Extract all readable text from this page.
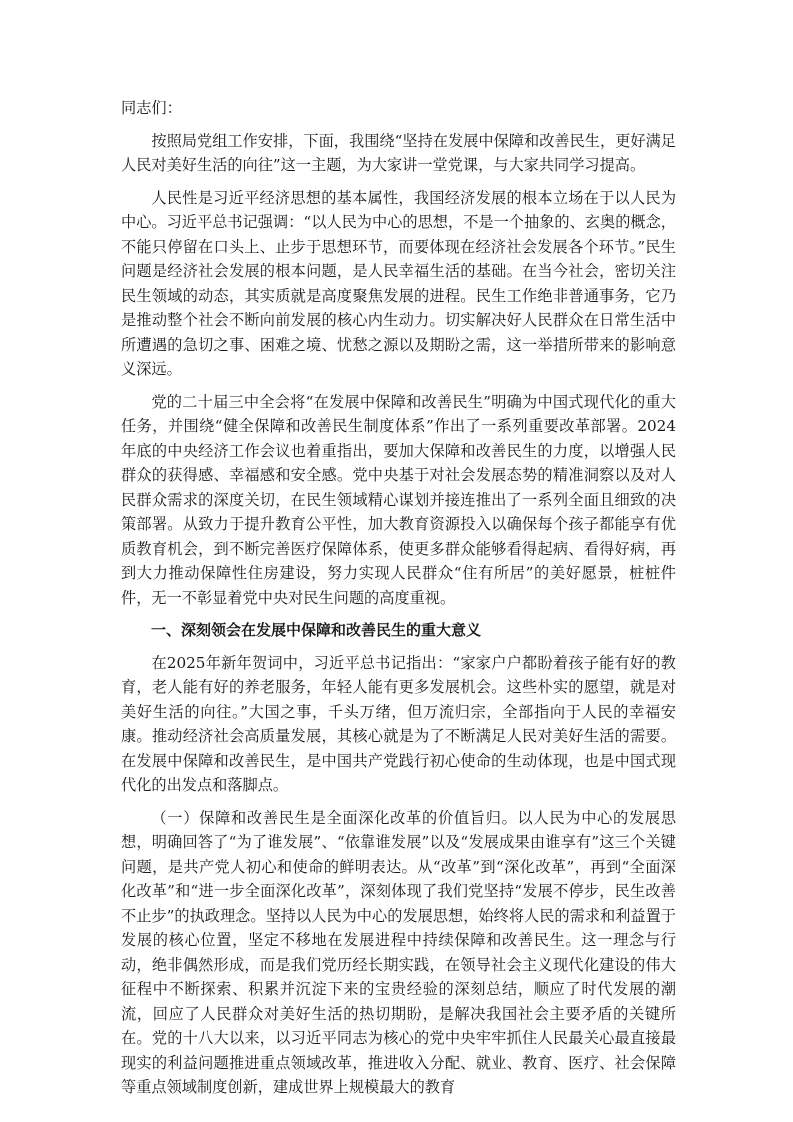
同志们：

按照局党组工作安排，下面，我围绕“坚持在发展中保障和改善民生，更好满足人民对美好生活的向往”这一主题，为大家讲一堂党课，与大家共同学习提高。

人民性是习近平经济思想的基本属性，我国经济发展的根本立场在于以人民为中心。习近平总书记强调：“以人民为中心的思想，不是一个抽象的、玄奥的概念，不能只停留在口头上、止步于思想环节，而要体现在经济社会发展各个环节。”民生问题是经济社会发展的根本问题，是人民幸福生活的基础。在当今社会，密切关注民生领域的动态，其实质就是高度聚焦发展的进程。民生工作绝非普通事务，它乃是推动整个社会不断向前发展的核心内生动力。切实解决好人民群众在日常生活中所遭遇的急切之事、困难之境、忧愁之源以及期盼之需，这一举措所带来的影响意义深远。

党的二十届三中全会将“在发展中保障和改善民生”明确为中国式现代化的重大任务，并围绕“健全保障和改善民生制度体系”作出了一系列重要改革部署。2024年底的中央经济工作会议也着重指出，要加大保障和改善民生的力度，以增强人民群众的获得感、幸福感和安全感。党中央基于对社会发展态势的精准洞察以及对人民群众需求的深度关切，在民生领域精心谋划并接连推出了一系列全面且细致的决策部署。从致力于提升教育公平性，加大教育资源投入以确保每个孩子都能享有优质教育机会，到不断完善医疗保障体系，使更多群众能够看得起病、看得好病，再到大力推动保障性住房建设，努力实现人民群众“住有所居”的美好愿景，桩桩件件，无一不彰显着党中央对民生问题的高度重视。

一、深刻领会在发展中保障和改善民生的重大意义

在2025年新年贺词中，习近平总书记指出：“家家户户都盼着孩子能有好的教育，老人能有好的养老服务，年轻人能有更多发展机会。这些朴实的愿望，就是对美好生活的向往。”大国之事，千头万绪，但万流归宗，全部指向于人民的幸福安康。推动经济社会高质量发展，其核心就是为了不断满足人民对美好生活的需要。在发展中保障和改善民生，是中国共产党践行初心使命的生动体现，也是中国式现代化的出发点和落脚点。

（一）保障和改善民生是全面深化改革的价值旨归。以人民为中心的发展思想，明确回答了“为了谁发展”、“依靠谁发展”以及“发展成果由谁享有”这三个关键问题，是共产党人初心和使命的鲜明表达。从“改革”到“深化改革”，再到“全面深化改革”和“进一步全面深化改革”，深刻体现了我们党坚持“发展不停步，民生改善不止步”的执政理念。坚持以人民为中心的发展思想，始终将人民的需求和利益置于发展的核心位置，坚定不移地在发展进程中持续保障和改善民生。这一理念与行动，绝非偶然形成，而是我们党历经长期实践，在领导社会主义现代化建设的伟大征程中不断探索、积累并沉淀下来的宝贵经验的深刻总结，顺应了时代发展的潮流，回应了人民群众对美好生活的热切期盼，是解决我国社会主要矛盾的关键所在。党的十八大以来，以习近平同志为核心的党中央牢牢抓住人民最关心最直接最现实的利益问题推进重点领域改革，推进收入分配、就业、教育、医疗、社会保障等重点领域制度创新，建成世界上规模最大的教育
